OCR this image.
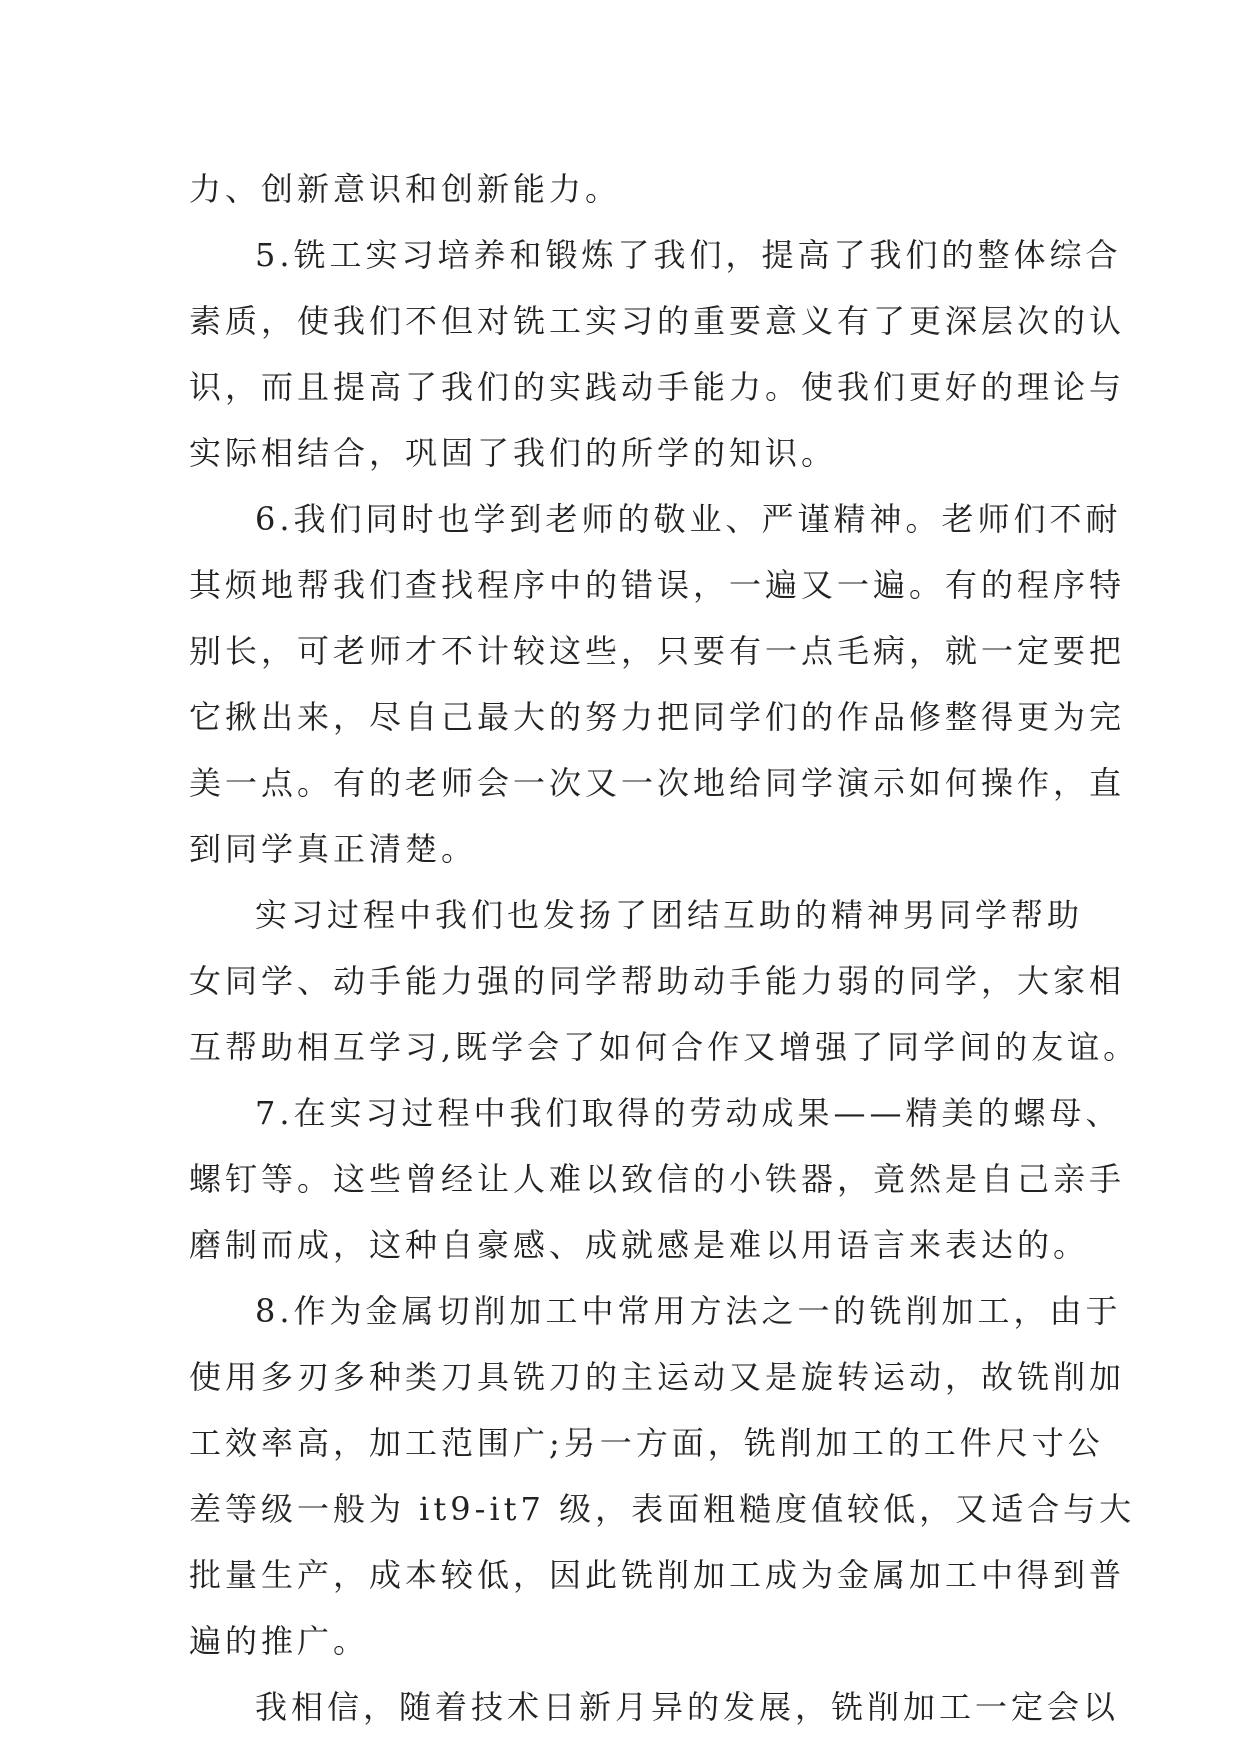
力、创新意识和创新能力。
5.铣工实习培养和锻炼了我们，提高了我们的整体综合
素质，使我们不但对铣工实习的重要意义有了更深层次的认
识，而且提高了我们的实践动手能力。使我们更好的理论与
实际相结合，巩固了我们的所学的知识。
6.我们同时也学到老师的敬业、严谨精神。老师们不耐
其烦地帮我们查找程序中的错误，一遍又一遍。有的程序特
别长，可老师才不计较这些，只要有一点毛病，就一定要把
它揪出来，尽自己最大的努力把同学们的作品修整得更为完
美一点。有的老师会一次又一次地给同学演示如何操作，直
到同学真正清楚。
实习过程中我们也发扬了团结互助的精神男同学帮助
女同学、动手能力强的同学帮助动手能力弱的同学，大家相
互帮助相互学习,既学会了如何合作又增强了同学间的友谊。
7.在实习过程中我们取得的劳动成果——精美的螺母、
螺钉等。这些曾经让人难以致信的小铁器，竟然是自己亲手
磨制而成，这种自豪感、成就感是难以用语言来表达的。
8.作为金属切削加工中常用方法之一的铣削加工，由于
使用多刃多种类刀具铣刀的主运动又是旋转运动，故铣削加
工效率高，加工范围广;另一方面，铣削加工的工件尺寸公
差等级一般为 it9-it7 级，表面粗糙度值较低，又适合与大
批量生产，成本较低，因此铣削加工成为金属加工中得到普
遍的推广。
我相信，随着技术日新月异的发展，铣削加工一定会以
